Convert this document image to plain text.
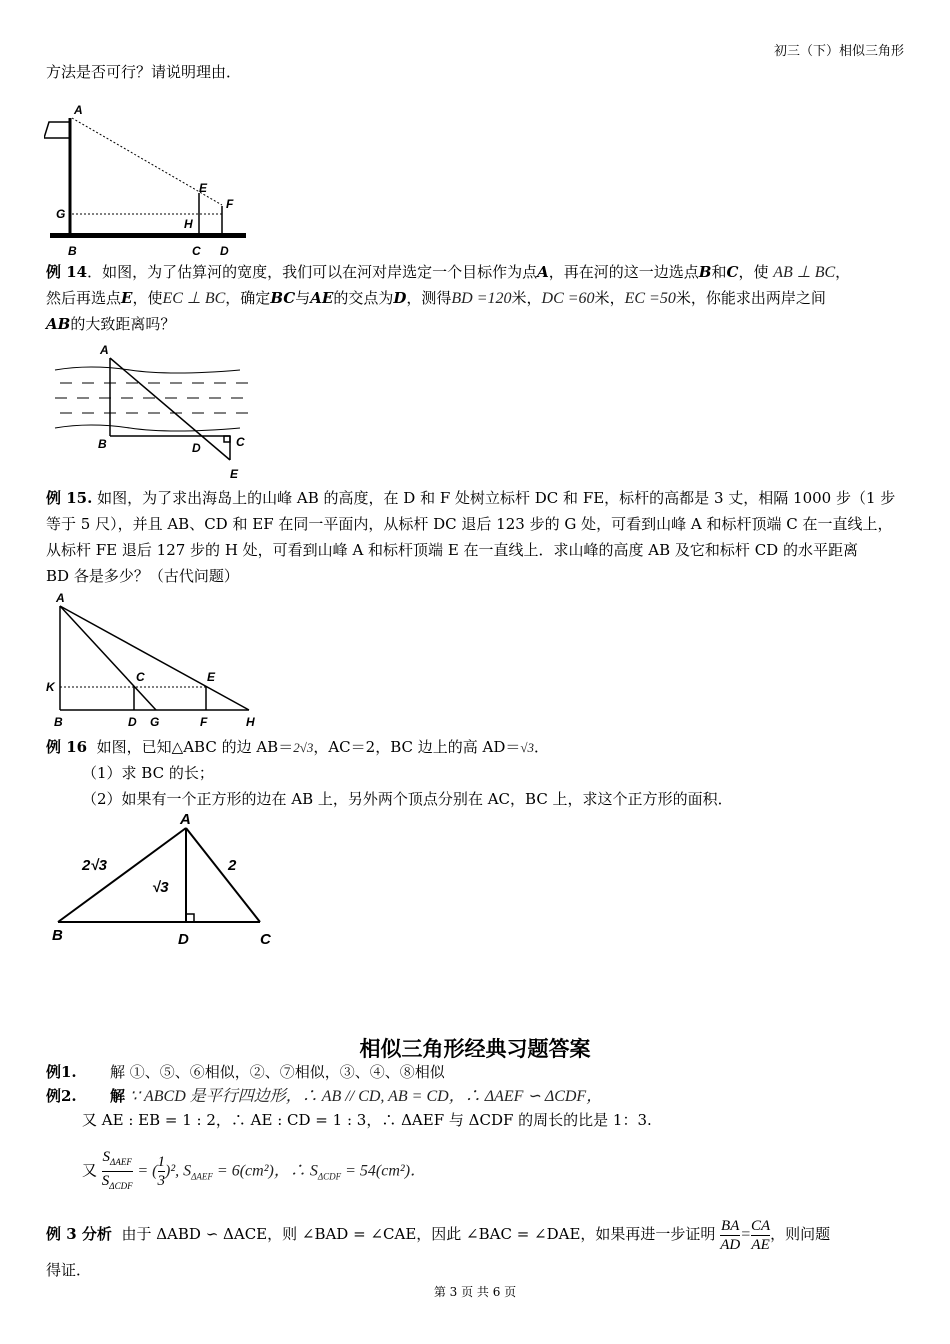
初三（下）相似三角形
方法是否可行？请说明理由．
A
E
F
G
H
B	C D
例 14．如图，为了估算河的宽度，我们可以在河对岸选定一个目标作为点A，再在河的这一边选点B和C，使 AB ⊥ BC，
然后再选点E，使EC ⊥ BC，确定BC与AE的交点为D，测得BD =120米，DC =60米，EC =50米，你能求出两岸之间
AB的大致距离吗？
A
B	D	C
E
例 15. 如图，为了求出海岛上的山峰 AB 的高度，在 D 和 F 处树立标杆 DC 和 FE，标杆的高都是 3 丈，相隔 1000 步（1 步
等于 5 尺），并且 AB、CD 和 EF 在同一平面内，从标杆 DC 退后 123 步的 G 处，可看到山峰 A 和标杆顶端 C 在一直线上，
从标杆 FE 退后 127 步的 H 处，可看到山峰 A 和标杆顶端 E 在一直线上．求山峰的高度 AB 及它和标杆 CD 的水平距离
BD 各是多少？（古代问题）
A
C	E
K
B	D G	F	H
例 16 如图，已知△ABC 的边 AB＝2√3，AC＝2，BC 边上的高 AD＝√3．
（1）求 BC 的长；
（2）如果有一个正方形的边在 AB 上，另外两个顶点分别在 AC，BC 上，求这个正方形的面积．
A
B	D	C
2√3
√3
2
相似三角形经典习题答案
例1. 解 ①、⑤、⑥相似，②、⑦相似，③、④、⑧相似
例2. 解 ∵ ABCD 是平行四边形，∴ AB // CD, AB = CD，∴ ΔAEF ∽ ΔCDF，
又 AE : EB = 1 : 2，∴ AE : CD = 1 : 3，∴ ΔAEF 与 ΔCDF 的周长的比是 1：3.
又 $\frac{S_{\Delta AEF}}{S_{\Delta CDF}}$ = ( $\frac{1}{3} )^2$, $S_{\Delta AEF} = 6(cm^2)$，∴ $S_{\Delta CDF} = 54(cm^2)$．
例 3 分析 由于 ΔABD ∽ ΔACE，则 ∠BAD = ∠CAE，因此 ∠BAC = ∠DAE，如果再进一步证明 $\frac{BA}{AD} = \frac{CA}{AE}$ ，则问题
得证．
第 3 页 共 6 页
